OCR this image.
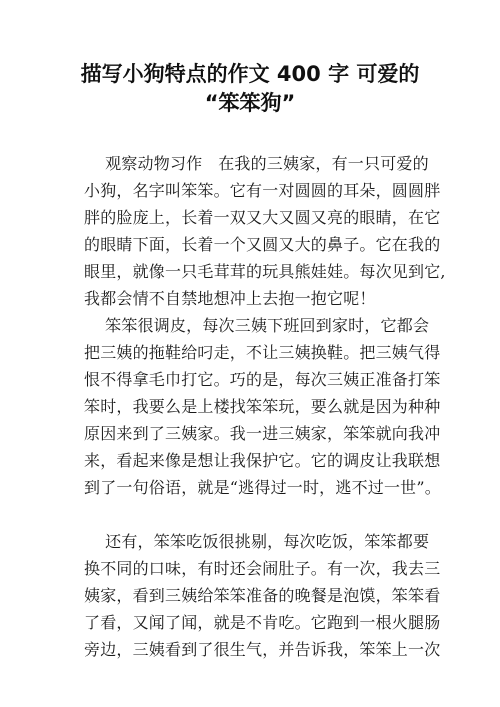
描写小狗特点的作文 400 字 可爱的
“笨笨狗”
观察动物习作   在我的三姨家，有一只可爱的
小狗，名字叫笨笨。它有一对圆圆的耳朵，圆圆胖
胖的脸庞上，长着一双又大又圆又亮的眼睛，在它
的眼睛下面，长着一个又圆又大的鼻子。它在我的
眼里，就像一只毛茸茸的玩具熊娃娃。每次见到它,
我都会情不自禁地想冲上去抱一抱它呢！
笨笨很调皮，每次三姨下班回到家时，它都会
把三姨的拖鞋给叼走，不让三姨换鞋。把三姨气得
恨不得拿毛巾打它。巧的是，每次三姨正准备打笨
笨时，我要么是上楼找笨笨玩，要么就是因为种种
原因来到了三姨家。我一进三姨家，笨笨就向我冲
来，看起来像是想让我保护它。它的调皮让我联想
到了一句俗语，就是“逃得过一时，逃不过一世”。
还有，笨笨吃饭很挑剔，每次吃饭，笨笨都要
换不同的口味，有时还会闹肚子。有一次，我去三
姨家，看到三姨给笨笨准备的晚餐是泡馍，笨笨看
了看，又闻了闻，就是不肯吃。它跑到一根火腿肠
旁边，三姨看到了很生气，并告诉我，笨笨上一次
